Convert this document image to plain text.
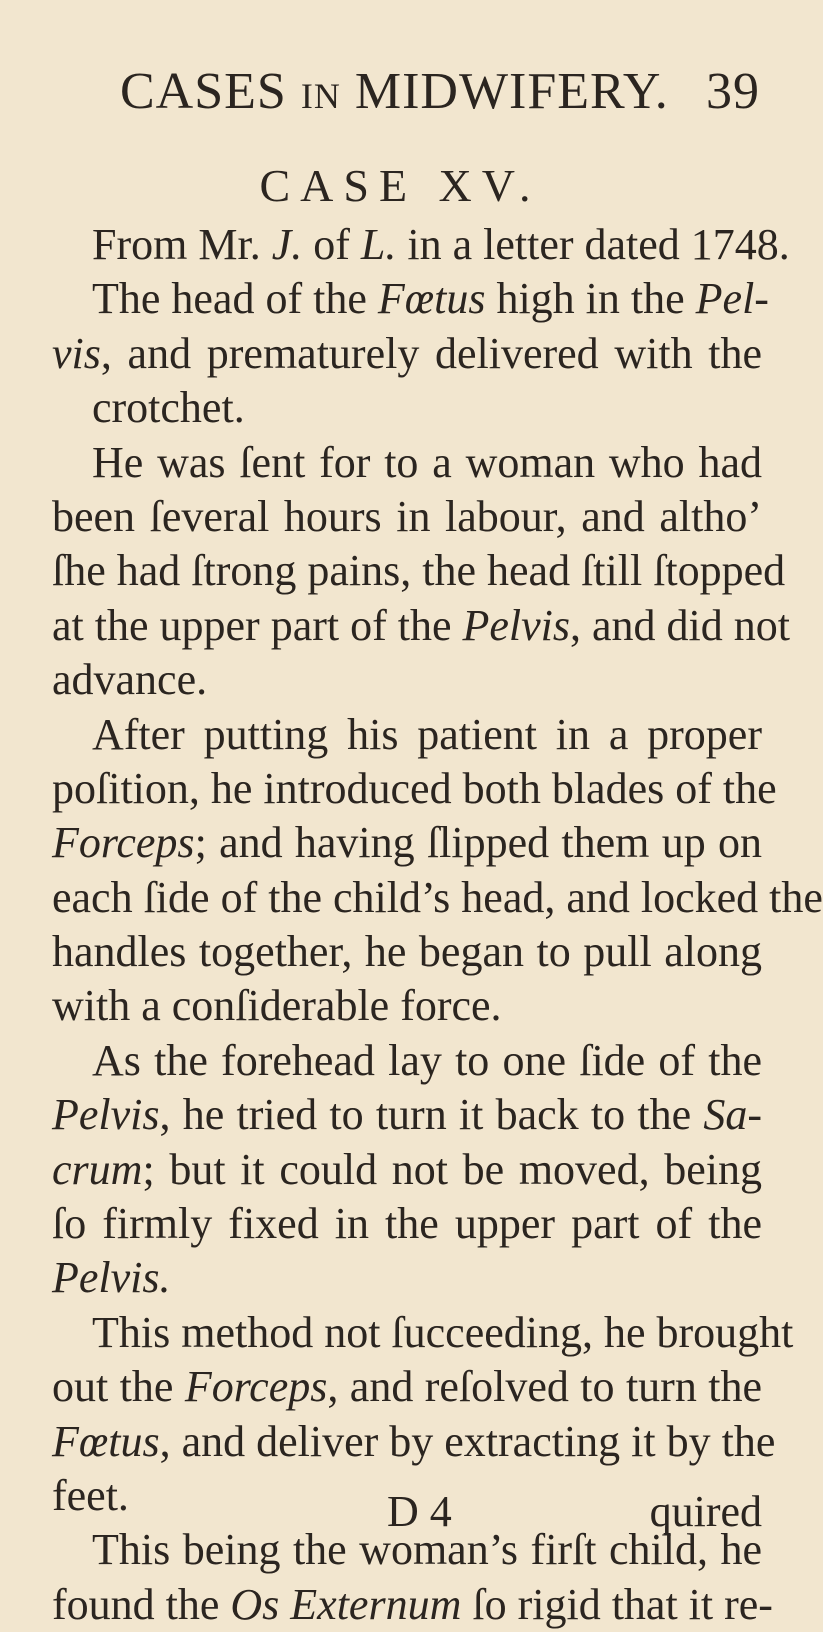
CASES IN MIDWIFERY. 39
CASE XV.
From Mr. J. of L. in a letter dated 1748.
The head of the Fœtus high in the Pel-
vis, and prematurely delivered with the
crotchet.
He was ſent for to a woman who had
been ſeveral hours in labour, and altho’
ſhe had ſtrong pains, the head ſtill ſtopped
at the upper part of the Pelvis, and did not
advance.
After putting his patient in a proper
poſition, he introduced both blades of the
Forceps; and having ſlipped them up on
each ſide of the child’s head, and locked the
handles together, he began to pull along
with a conſiderable force.
As the forehead lay to one ſide of the
Pelvis, he tried to turn it back to the Sa-
crum; but it could not be moved, being
ſo firmly fixed in the upper part of the
Pelvis.
This method not ſucceeding, he brought
out the Forceps, and reſolved to turn the
Fœtus, and deliver by extracting it by the
feet.
This being the woman’s firſt child, he
found the Os Externum ſo rigid that it re-
D 4	quired
